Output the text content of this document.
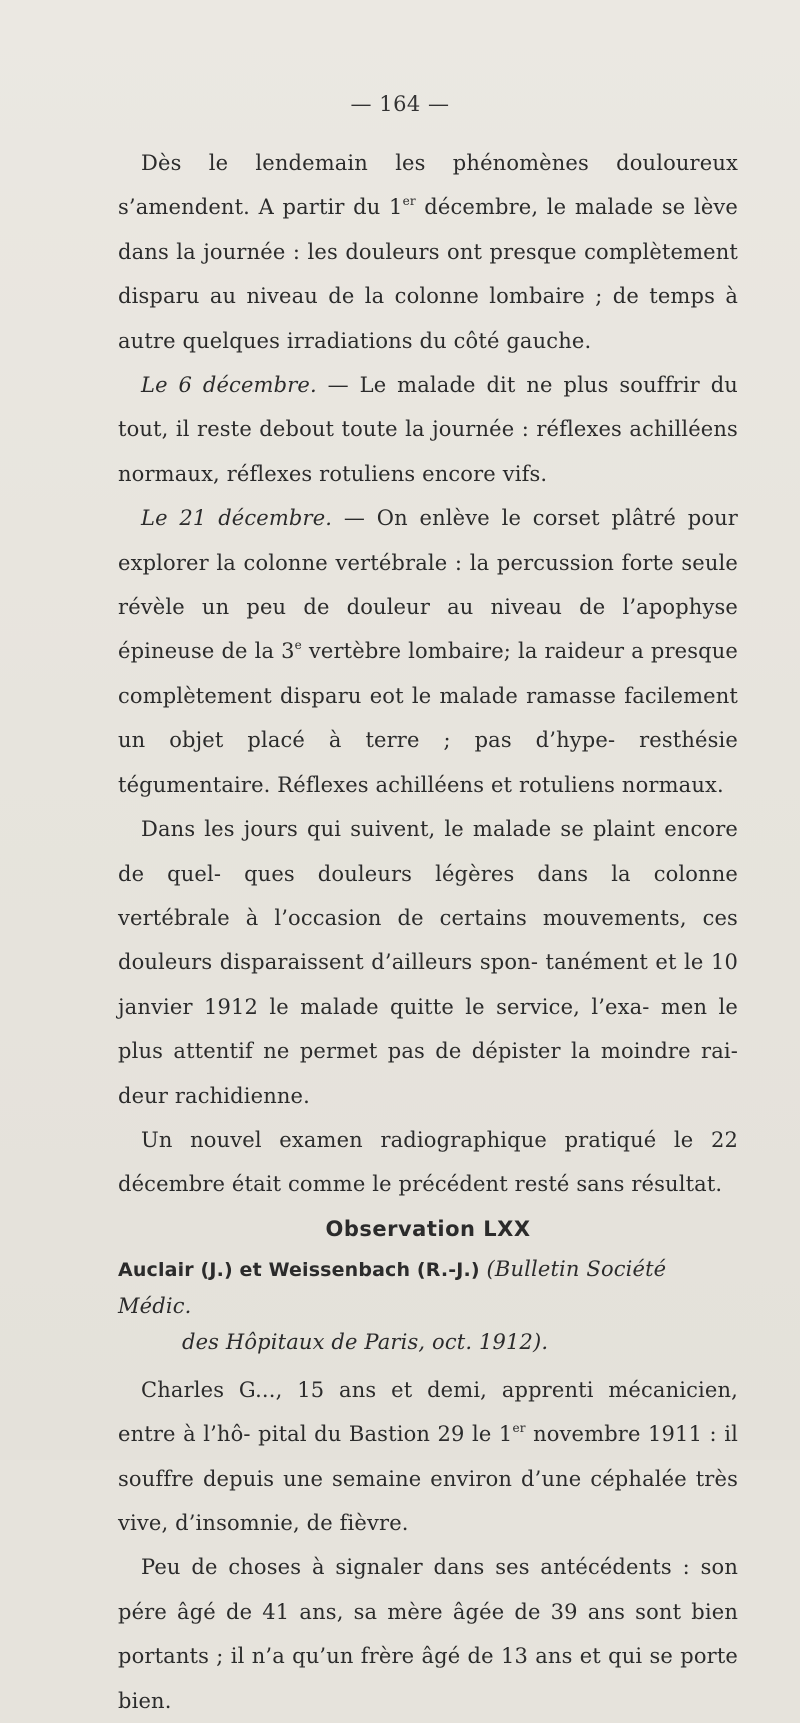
— 164 —

Dès le lendemain les phénomènes douloureux s’amendent. A partir du 1er décembre, le malade se lève dans la journée : les douleurs ont presque complètement disparu au niveau de la colonne lombaire ; de temps à autre quelques irradiations du côté gauche.

Le 6 décembre. — Le malade dit ne plus souffrir du tout, il reste debout toute la journée : réflexes achilléens normaux, réflexes rotuliens encore vifs.

Le 21 décembre. — On enlève le corset plâtré pour explorer la colonne vertébrale : la percussion forte seule révèle un peu de douleur au niveau de l’apophyse épineuse de la 3e vertèbre lombaire; la raideur a presque complètement disparu eot le malade ramasse facilement un objet placé à terre ; pas d’hype- resthésie tégumentaire. Réflexes achilléens et rotuliens normaux.

Dans les jours qui suivent, le malade se plaint encore de quel- ques douleurs légères dans la colonne vertébrale à l’occasion de certains mouvements, ces douleurs disparaissent d’ailleurs spon- tanément et le 10 janvier 1912 le malade quitte le service, l’exa- men le plus attentif ne permet pas de dépister la moindre rai- deur rachidienne.

Un nouvel examen radiographique pratiqué le 22 décembre était comme le précédent resté sans résultat.

Observation LXX

Auclair (J.) et Weissenbach (R.-J.) (Bulletin Société Médic.
des Hôpitaux de Paris, oct. 1912).

Charles G..., 15 ans et demi, apprenti mécanicien, entre à l’hô- pital du Bastion 29 le 1er novembre 1911 : il souffre depuis une semaine environ d’une céphalée très vive, d’insomnie, de fièvre.

Peu de choses à signaler dans ses antécédents : son pére âgé de 41 ans, sa mère âgée de 39 ans sont bien portants ; il n’a qu’un frère âgé de 13 ans et qui se porte bien.
